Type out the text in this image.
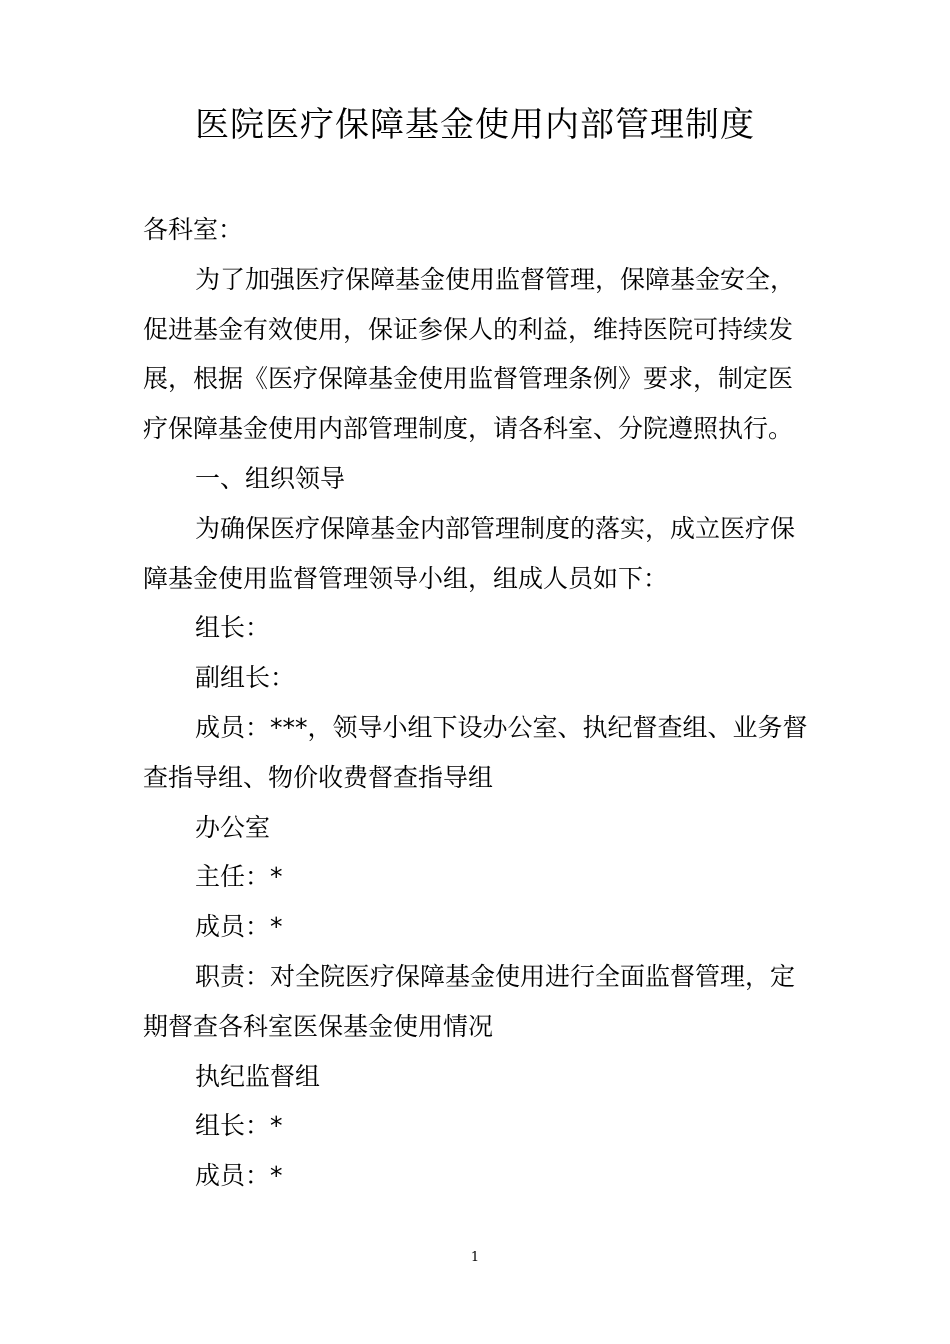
医院医疗保障基金使用内部管理制度

各科室：

为了加强医疗保障基金使用监督管理，保障基金安全，促进基金有效使用，保证参保人的利益，维持医院可持续发展，根据《医疗保障基金使用监督管理条例》要求，制定医疗保障基金使用内部管理制度，请各科室、分院遵照执行。

一、组织领导

为确保医疗保障基金内部管理制度的落实，成立医疗保障基金使用监督管理领导小组，组成人员如下：

组长：

副组长：

成员：***，领导小组下设办公室、执纪督查组、业务督查指导组、物价收费督查指导组

办公室

主任：*

成员：*

职责：对全院医疗保障基金使用进行全面监督管理，定期督查各科室医保基金使用情况

执纪监督组

组长：*

成员：*

1
